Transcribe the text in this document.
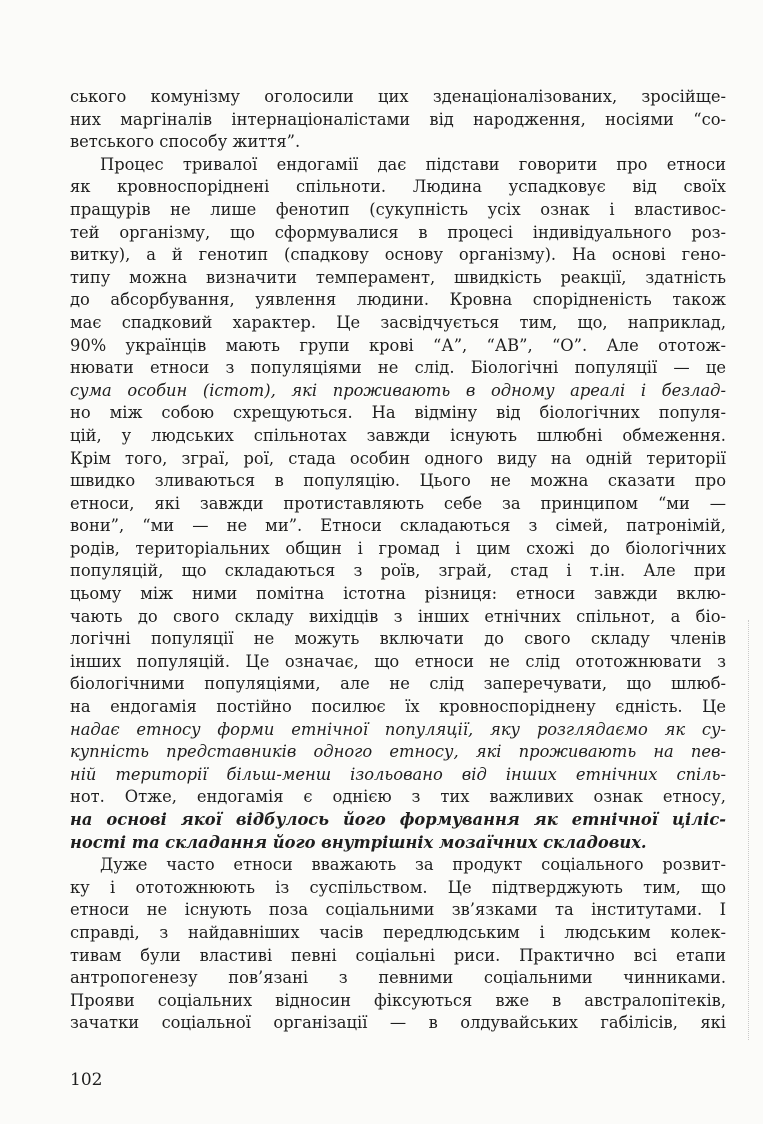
ського комунізму оголосили цих зденаціоналізованих, зросійще-
них маргіналів інтернаціоналістами від народження, носіями “со-
ветського способу життя”.
Процес тривалої ендогамії дає підстави говорити про етноси
як кровноспоріднені спільноти. Людина успадковує від своїх
пращурів не лише фенотип (сукупність усіх ознак і властивос-
тей організму, що сформувалися в процесі індивідуального роз-
витку), а й генотип (спадкову основу організму). На основі гено-
типу можна визначити темперамент, швидкість реакції, здатність
до абсорбування, уявлення людини. Кровна спорідненість також
має спадковий характер. Це засвідчується тим, що, наприклад,
90% українців мають групи крові “А”, “АВ”, “О”. Але ототож-
нювати етноси з популяціями не слід. Біологічні популяції — це
сума особин (істот), які проживають в одному ареалі і безлад-
но між собою схрещуються. На відміну від біологічних популя-
цій, у людських спільнотах завжди існують шлюбні обмеження.
Крім того, зграї, рої, стада особин одного виду на одній території
швидко зливаються в популяцію. Цього не можна сказати про
етноси, які завжди протиставляють себе за принципом “ми —
вони”, “ми — не ми”. Етноси складаються з сімей, патронімій,
родів, територіальних общин і громад і цим схожі до біологічних
популяцій, що складаються з роїв, зграй, стад і т.ін. Але при
цьому між ними помітна істотна різниця: етноси завжди вклю-
чають до свого складу вихідців з інших етнічних спільнот, а біо-
логічні популяції не можуть включати до свого складу членів
інших популяцій. Це означає, що етноси не слід ототожнювати з
біологічними популяціями, але не слід заперечувати, що шлюб-
на ендогамія постійно посилює їх кровноспоріднену єдність. Це
надає етносу форми етнічної популяції, яку розглядаємо як су-
купність представників одного етносу, які проживають на пев-
ній території більш-менш ізольовано від інших етнічних спіль-
нот. Отже, ендогамія є однією з тих важливих ознак етносу,
на основі якої відбулось його формування як етнічної ціліс-
ності та складання його внутрішніх мозаїчних складових.
Дуже часто етноси вважають за продукт соціального розвит-
ку і ототожнюють із суспільством. Це підтверджують тим, що
етноси не існують поза соціальними зв’язками та інститутами. І
справді, з найдавніших часів передлюдським і людським колек-
тивам були властиві певні соціальні риси. Практично всі етапи
антропогенезу пов’язані з певними соціальними чинниками.
Прояви соціальних відносин фіксуються вже в австралопітеків,
зачатки соціальної організації — в олдувайських габілісів, які
102
